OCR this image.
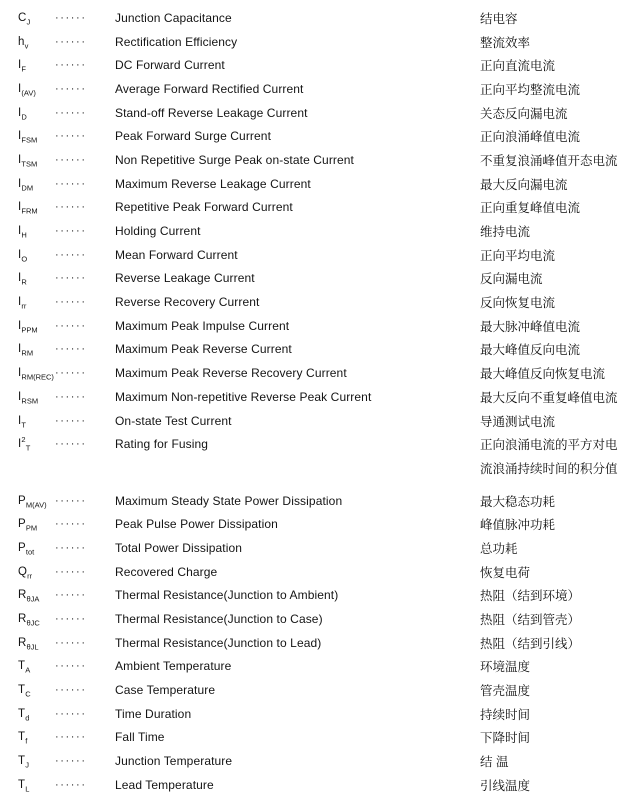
$C_J$	······	Junction Capacitance	结电容
$h_v$	······	Rectification Efficiency	整流效率
$I_F$	······	DC Forward Current	正向直流电流
$I_{(AV)}$	······	Average Forward Rectified Current	正向平均整流电流
$I_D$	······	Stand-off Reverse Leakage Current	关态反向漏电流
$I_{FSM}$	······	Peak Forward Surge Current	正向浪涌峰值电流
$I_{TSM}$	······	Non Repetitive Surge Peak on-state Current	不重复浪涌峰值开态电流
$I_{DM}$	······	Maximum Reverse Leakage Current	最大反向漏电流
$I_{FRM}$	······	Repetitive Peak Forward Current	正向重复峰值电流
$I_H$	······	Holding Current	维持电流
$I_O$	······	Mean Forward Current	正向平均电流
$I_R$	······	Reverse Leakage Current	反向漏电流
$I_{rr}$	······	Reverse Recovery Current	反向恢复电流
$I_{PPM}$	······	Maximum Peak Impulse Current	最大脉冲峰值电流
$I_{RM}$	······	Maximum Peak Reverse Current	最大峰值反向电流
$I_{RM(REC)}$ ······	Maximum Peak Reverse Recovery Current	最大峰值反向恢复电流
$I_{RSM}$	······	Maximum Non-repetitive Reverse Peak Current	最大反向不重复峰值电流
$I_T$	······	On-state Test Current	导通测试电流
$I^2_T$	······	Rating for Fusing	正向浪涌电流的平方对电
流浪涌持续时间的积分值
$P_{M(AV)}$ ······	Maximum Steady State Power Dissipation	最大稳态功耗
$P_{PM}$	······	Peak Pulse Power Dissipation	峰值脉冲功耗
$P_{tot}$	······	Total Power Dissipation	总功耗
$Q_{rr}$	······	Recovered Charge	恢复电荷
$R_{\theta JA}$	······	Thermal Resistance(Junction to Ambient)	热阻（结到环境）
$R_{\theta JC}$	······	Thermal Resistance(Junction to Case)	热阻（结到管壳）
$R_{\theta JL}$	······	Thermal Resistance(Junction to Lead)	热阻（结到引线）
$T_A$	······	Ambient Temperature	环境温度
$T_C$	······	Case Temperature	管壳温度
$T_d$	······	Time Duration	持续时间
$T_f$	······	Fall Time	下降时间
$T_J$	······	Junction Temperature	结 温
$T_L$	······	Lead Temperature	引线温度
